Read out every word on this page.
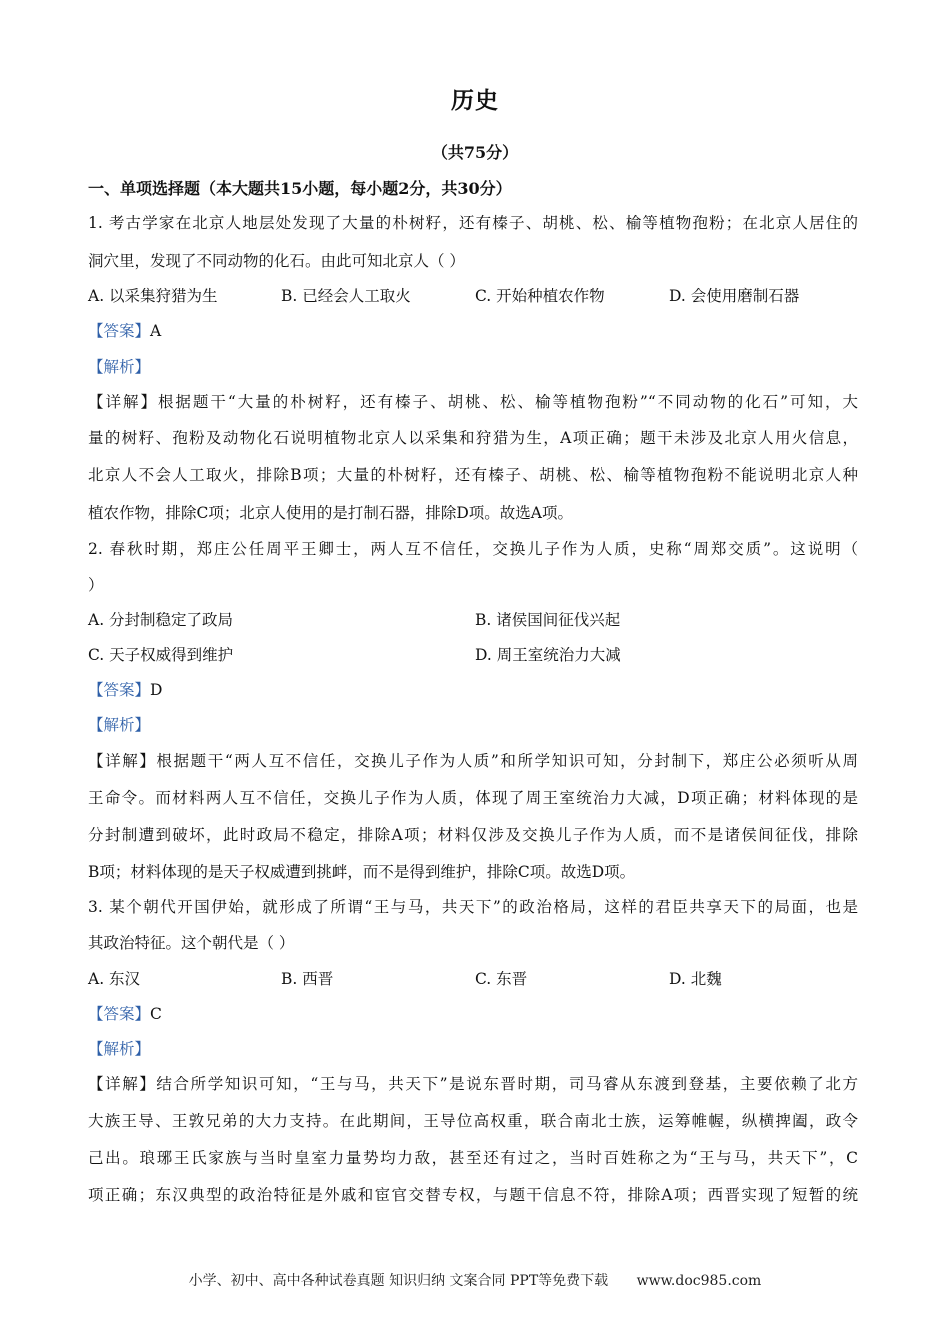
历史
（共75分）
一、单项选择题（本大题共15小题，每小题2分，共30分）
1. 考古学家在北京人地层处发现了大量的朴树籽，还有榛子、胡桃、松、榆等植物孢粉；在北京人居住的
洞穴里，发现了不同动物的化石。由此可知北京人（ ）
A. 以采集狩猎为生	B. 已经会人工取火	C. 开始种植农作物	D. 会使用磨制石器
【答案】A
【解析】
【详解】根据题干“大量的朴树籽，还有榛子、胡桃、松、榆等植物孢粉”“不同动物的化石”可知，大
量的树籽、孢粉及动物化石说明植物北京人以采集和狩猎为生，A项正确；题干未涉及北京人用火信息，
北京人不会人工取火，排除B项；大量的朴树籽，还有榛子、胡桃、松、榆等植物孢粉不能说明北京人种
植农作物，排除C项；北京人使用的是打制石器，排除D项。故选A项。
2. 春秋时期，郑庄公任周平王卿士，两人互不信任，交换儿子作为人质，史称“周郑交质”。这说明（
）
A. 分封制稳定了政局	B. 诸侯国间征伐兴起
C. 天子权威得到维护	D. 周王室统治力大减
【答案】D
【解析】
【详解】根据题干“两人互不信任，交换儿子作为人质”和所学知识可知，分封制下，郑庄公必须听从周
王命令。而材料两人互不信任，交换儿子作为人质，体现了周王室统治力大减，D项正确；材料体现的是
分封制遭到破坏，此时政局不稳定，排除A项；材料仅涉及交换儿子作为人质，而不是诸侯间征伐，排除
B项；材料体现的是天子权威遭到挑衅，而不是得到维护，排除C项。故选D项。
3. 某个朝代开国伊始，就形成了所谓“王与马，共天下”的政治格局，这样的君臣共享天下的局面，也是
其政治特征。这个朝代是（ ）
A. 东汉	B. 西晋	C. 东晋	D. 北魏
【答案】C
【解析】
【详解】结合所学知识可知，“王与马，共天下”是说东晋时期，司马睿从东渡到登基，主要依赖了北方
大族王导、王敦兄弟的大力支持。在此期间，王导位高权重，联合南北士族，运筹帷幄，纵横捭阖，政令
己出。琅琊王氏家族与当时皇室力量势均力敌，甚至还有过之，当时百姓称之为“王与马，共天下”，C
项正确；东汉典型的政治特征是外戚和宦官交替专权，与题干信息不符，排除A项；西晋实现了短暂的统
小学、初中、高中各种试卷真题 知识归纳 文案合同 PPT等免费下载 www.doc985.com
